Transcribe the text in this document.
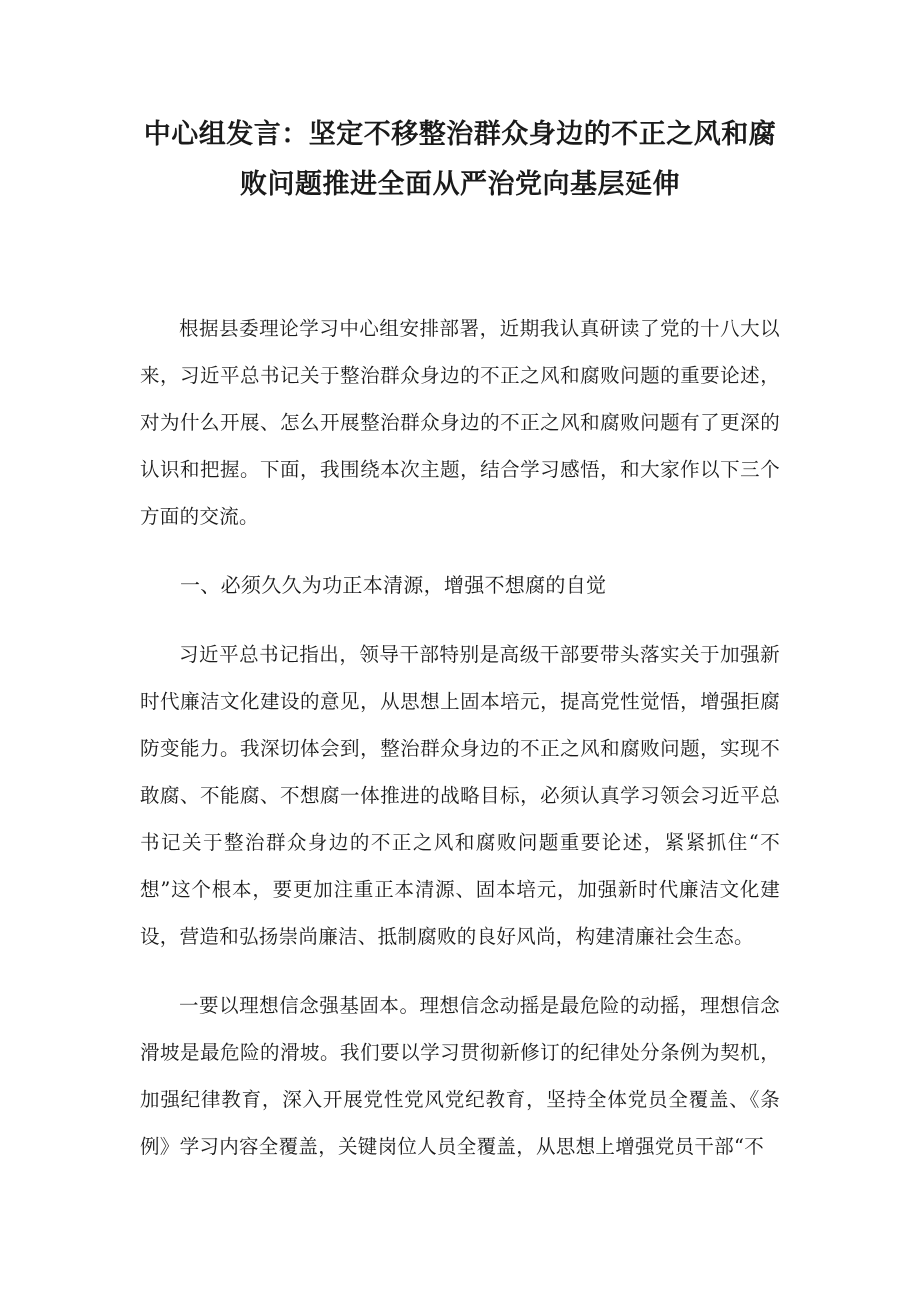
中心组发言：坚定不移整治群众身边的不正之风和腐败问题推进全面从严治党向基层延伸

根据县委理论学习中心组安排部署，近期我认真研读了党的十八大以来，习近平总书记关于整治群众身边的不正之风和腐败问题的重要论述，对为什么开展、怎么开展整治群众身边的不正之风和腐败问题有了更深的认识和把握。下面，我围绕本次主题，结合学习感悟，和大家作以下三个方面的交流。

一、必须久久为功正本清源，增强不想腐的自觉

习近平总书记指出，领导干部特别是高级干部要带头落实关于加强新时代廉洁文化建设的意见，从思想上固本培元，提高党性觉悟，增强拒腐防变能力。我深切体会到，整治群众身边的不正之风和腐败问题，实现不敢腐、不能腐、不想腐一体推进的战略目标，必须认真学习领会习近平总书记关于整治群众身边的不正之风和腐败问题重要论述，紧紧抓住“不想”这个根本，要更加注重正本清源、固本培元，加强新时代廉洁文化建设，营造和弘扬崇尚廉洁、抵制腐败的良好风尚，构建清廉社会生态。

一要以理想信念强基固本。理想信念动摇是最危险的动摇，理想信念滑坡是最危险的滑坡。我们要以学习贯彻新修订的纪律处分条例为契机，加强纪律教育，深入开展党性党风党纪教育，坚持全体党员全覆盖、《条例》学习内容全覆盖，关键岗位人员全覆盖，从思想上增强党员干部“不
